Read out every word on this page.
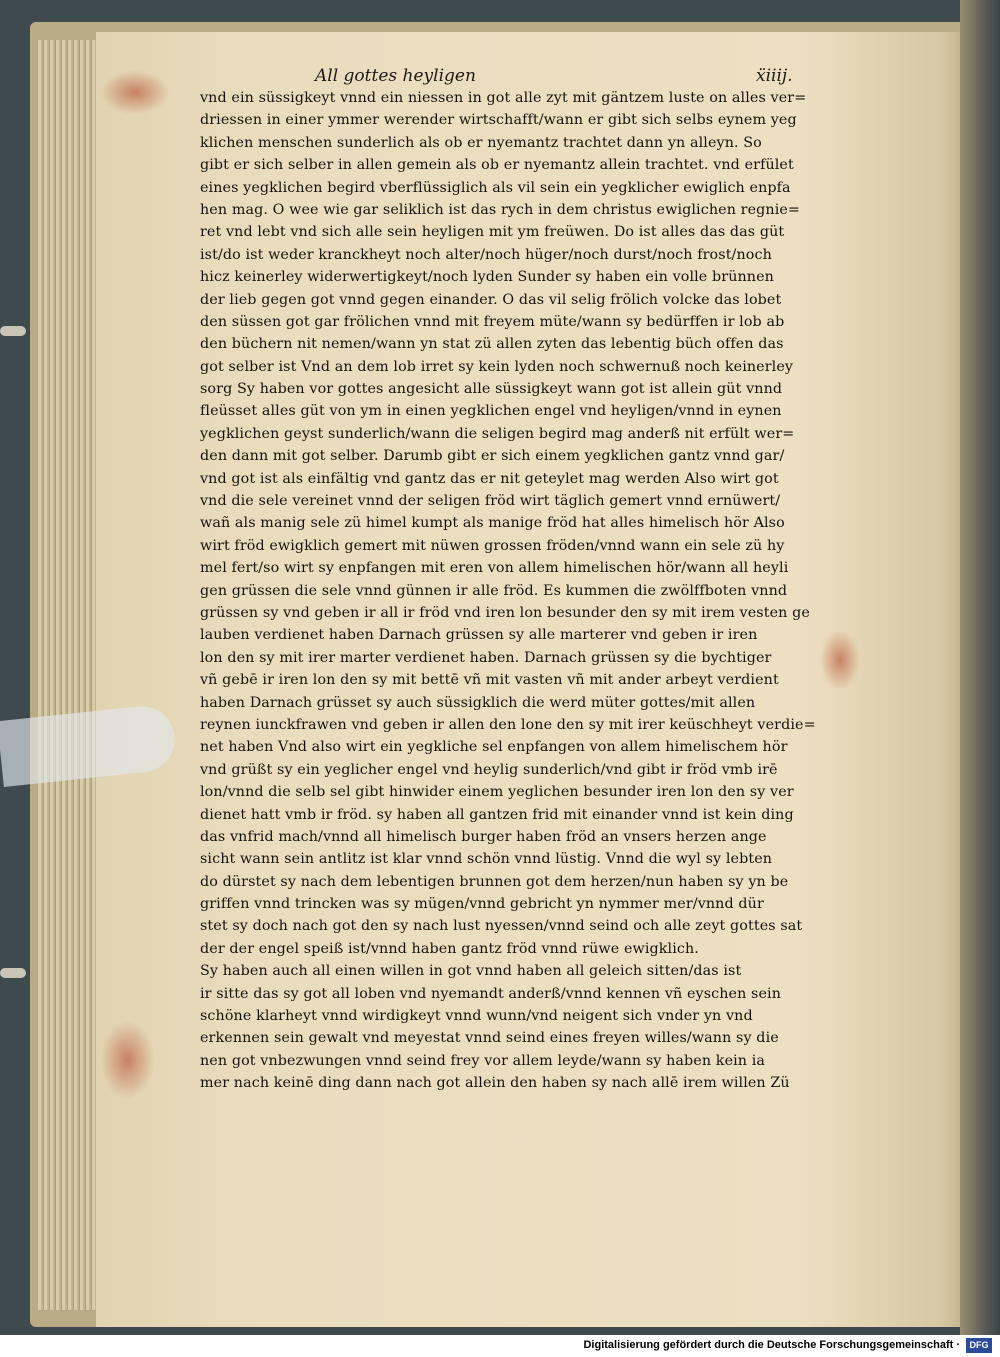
All gottes heyligen	ẍiiij.
vnd ein süssigkeyt vnnd ein niessen in got alle zyt mit gäntzem luste on alles ver=
driessen in einer ymmer werender wirtschafft/wann er gibt sich selbs eynem yeg
klichen menschen sunderlich als ob er nyemantz trachtet dann yn alleyn. So
gibt er sich selber in allen gemein als ob er nyemantz allein trachtet. vnd erfület
eines yegklichen begird vberflüssiglich als vil sein ein yegklicher ewiglich enpfa
hen mag. O wee wie gar seliklich ist das rych in dem christus ewiglichen regnie=
ret vnd lebt vnd sich alle sein heyligen mit ym freüwen. Do ist alles das das güt
ist/do ist weder kranckheyt noch alter/noch hüger/noch durst/noch frost/noch
hicz keinerley widerwertigkeyt/noch lyden Sunder sy haben ein volle brünnen
der lieb gegen got vnnd gegen einander. O das vil selig frölich volcke das lobet
den süssen got gar frölichen vnnd mit freyem müte/wann sy bedürffen ir lob ab
den büchern nit nemen/wann yn stat zü allen zyten das lebentig büch offen das
got selber ist Vnd an dem lob irret sy kein lyden noch schwernuß noch keinerley
sorg Sy haben vor gottes angesicht alle süssigkeyt wann got ist allein güt vnnd
fleüsset alles güt von ym in einen yegklichen engel vnd heyligen/vnnd in eynen
yegklichen geyst sunderlich/wann die seligen begird mag anderß nit erfült wer=
den dann mit got selber. Darumb gibt er sich einem yegklichen gantz vnnd gar/
vnd got ist als einfältig vnd gantz das er nit geteylet mag werden Also wirt got
vnd die sele vereinet vnnd der seligen fröd wirt täglich gemert vnnd ernüwert/
wañ als manig sele zü himel kumpt als manige fröd hat alles himelisch hör Also
wirt fröd ewigklich gemert mit nüwen grossen fröden/vnnd wann ein sele zü hy
mel fert/so wirt sy enpfangen mit eren von allem himelischen hör/wann all heyli
gen grüssen die sele vnnd günnen ir alle fröd. Es kummen die zwölffboten vnnd
grüssen sy vnd geben ir all ir fröd vnd iren lon besunder den sy mit irem vesten ge
lauben verdienet haben Darnach grüssen sy alle marterer vnd geben ir iren
lon den sy mit irer marter verdienet haben. Darnach grüssen sy die bychtiger
vñ gebē ir iren lon den sy mit bettē vñ mit vasten vñ mit ander arbeyt verdient
haben Darnach grüsset sy auch süssigklich die werd müter gottes/mit allen
reynen iunckfrawen vnd geben ir allen den lone den sy mit irer keüschheyt verdie=
net haben Vnd also wirt ein yegkliche sel enpfangen von allem himelischem hör
vnd grüßt sy ein yeglicher engel vnd heylig sunderlich/vnd gibt ir fröd vmb irē
lon/vnnd die selb sel gibt hinwider einem yeglichen besunder iren lon den sy ver
dienet hatt vmb ir fröd. sy haben all gantzen frid mit einander vnnd ist kein ding
das vnfrid mach/vnnd all himelisch burger haben fröd an vnsers herzen ange
sicht wann sein antlitz ist klar vnnd schön vnnd lüstig. Vnnd die wyl sy lebten
do dürstet sy nach dem lebentigen brunnen got dem herzen/nun haben sy yn be
griffen vnnd trincken was sy mügen/vnnd gebricht yn nymmer mer/vnnd dür
stet sy doch nach got den sy nach lust nyessen/vnnd seind och alle zeyt gottes sat
der der engel speiß ist/vnnd haben gantz fröd vnnd rüwe ewigklich.
Sy haben auch all einen willen in got vnnd haben all geleich sitten/das ist
ir sitte das sy got all loben vnd nyemandt anderß/vnnd kennen vñ eyschen sein
schöne klarheyt vnnd wirdigkeyt vnnd wunn/vnd neigent sich vnder yn vnd
erkennen sein gewalt vnd meyestat vnnd seind eines freyen willes/wann sy die
nen got vnbezwungen vnnd seind frey vor allem leyde/wann sy haben kein ia
mer nach keinē ding dann nach got allein den haben sy nach allē irem willen Zü
Digitalisierung gefördert durch die Deutsche Forschungsgemeinschaft ·	DFG
